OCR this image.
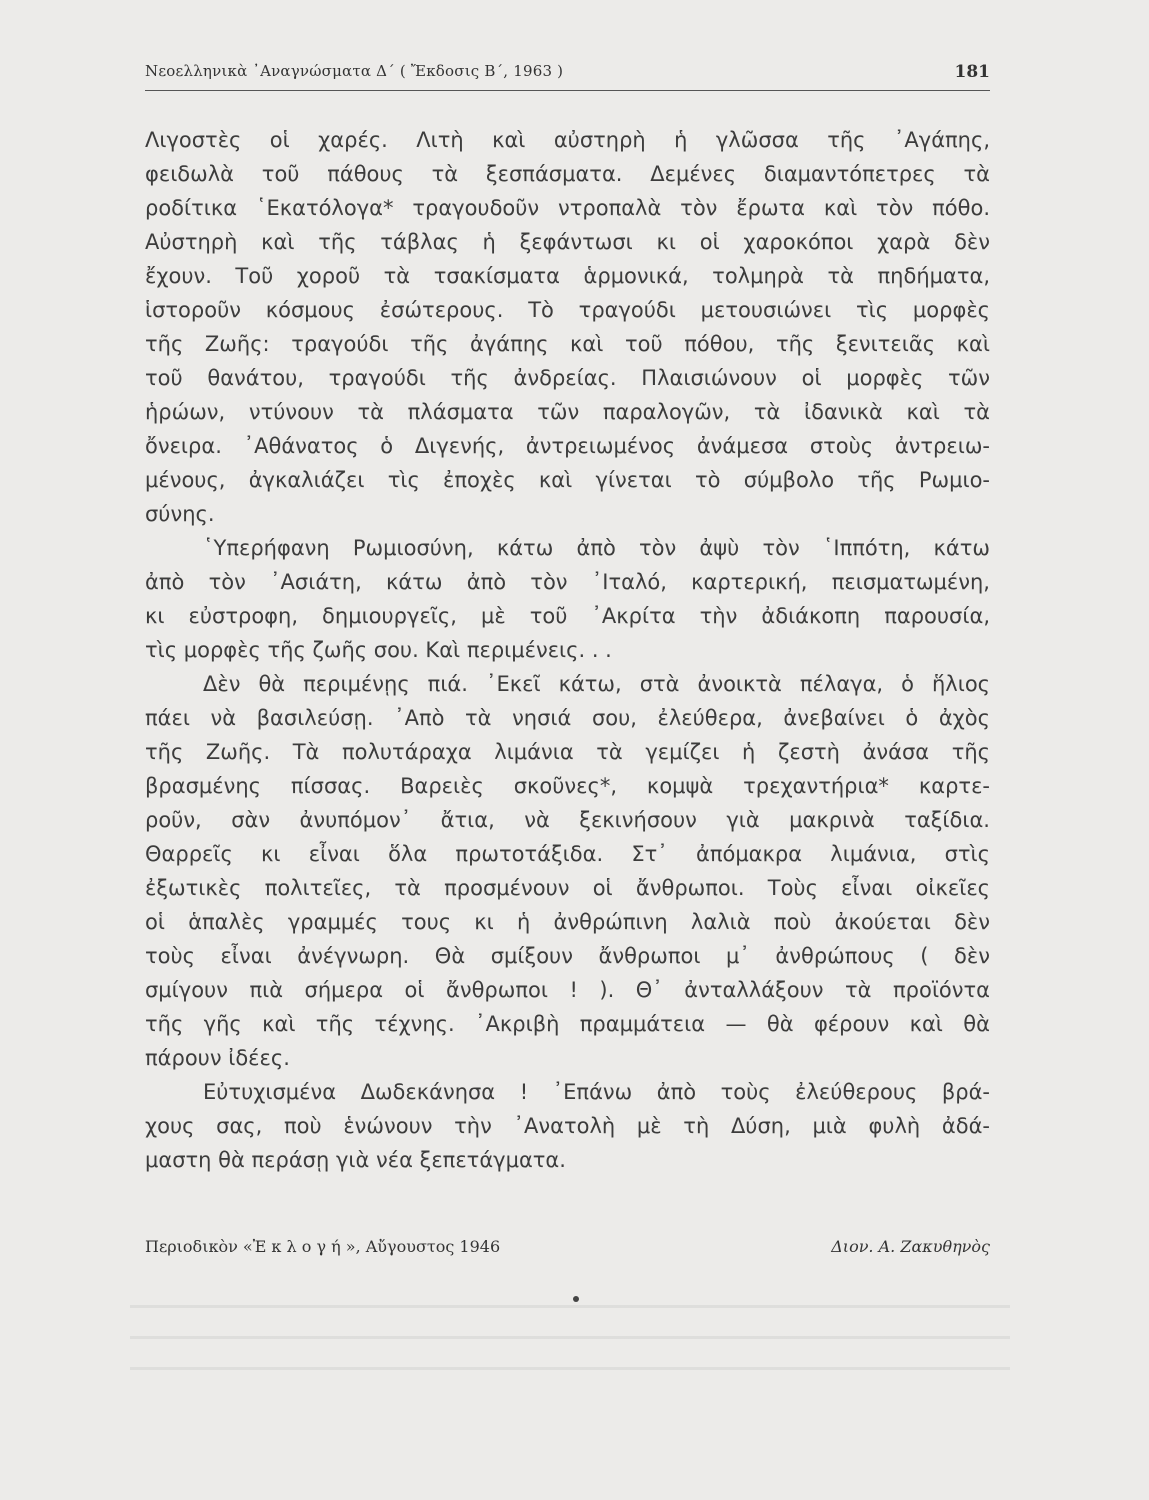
Νεοελληνικὰ ᾿Αναγνώσματα Δ΄ ( Ἔκδοσις Β΄, 1963 )	181
Λιγοστὲς οἱ χαρές. Λιτὴ καὶ αὐστηρὴ ἡ γλῶσσα τῆς ᾿Αγάπης,
φειδωλὰ τοῦ πάθους τὰ ξεσπάσματα. Δεμένες διαμαντόπετρες τὰ
ροδίτικα ῾Εκατόλογα* τραγουδοῦν ντροπαλὰ τὸν ἔρωτα καὶ τὸν πόθο.
Αὐστηρὴ καὶ τῆς τάβλας ἡ ξεφάντωσι κι οἱ χαροκόποι χαρὰ δὲν
ἔχουν. Τοῦ χοροῦ τὰ τσακίσματα ἁρμονικά, τολμηρὰ τὰ πηδήματα,
ἱστοροῦν κόσμους ἐσώτερους. Τὸ τραγούδι μετουσιώνει τὶς μορφὲς
τῆς Ζωῆς: τραγούδι τῆς ἀγάπης καὶ τοῦ πόθου, τῆς ξενιτειᾶς καὶ
τοῦ θανάτου, τραγούδι τῆς ἀνδρείας. Πλαισιώνουν οἱ μορφὲς τῶν
ἡρώων, ντύνουν τὰ πλάσματα τῶν παραλογῶν, τὰ ἰδανικὰ καὶ τὰ
ὄνειρα. ᾿Αθάνατος ὁ Διγενής, ἀντρειωμένος ἀνάμεσα στοὺς ἀντρειω-
μένους, ἀγκαλιάζει τὶς ἐποχὲς καὶ γίνεται τὸ σύμβολο τῆς Ρωμιο-
σύνης.
῾Υπερήφανη Ρωμιοσύνη, κάτω ἀπὸ τὸν ἀψὺ τὸν ῾Ιππότη, κάτω
ἀπὸ τὸν ᾿Ασιάτη, κάτω ἀπὸ τὸν ᾿Ιταλό, καρτερική, πεισματωμένη,
κι εὐστροφη, δημιουργεῖς, μὲ τοῦ ᾿Ακρίτα τὴν ἀδιάκοπη παρουσία,
τὶς μορφὲς τῆς ζωῆς σου. Καὶ περιμένεις. . .
Δὲν θὰ περιμένῃς πιά. ᾿Εκεῖ κάτω, στὰ ἀνοικτὰ πέλαγα, ὁ ἥλιος
πάει νὰ βασιλεύσῃ. ᾿Απὸ τὰ νησιά σου, ἐλεύθερα, ἀνεβαίνει ὁ ἀχὸς
τῆς Ζωῆς. Τὰ πολυτάραχα λιμάνια τὰ γεμίζει ἡ ζεστὴ ἀνάσα τῆς
βρασμένης πίσσας. Βαρειὲς σκοῦνες*, κομψὰ τρεχαντήρια* καρτε-
ροῦν, σὰν ἀνυπόμον᾿ ἄτια, νὰ ξεκινήσουν γιὰ μακρινὰ ταξίδια.
Θαρρεῖς κι εἶναι ὅλα πρωτοτάξιδα. Στ᾿ ἀπόμακρα λιμάνια, στὶς
ἐξωτικὲς πολιτεῖες, τὰ προσμένουν οἱ ἄνθρωποι. Τοὺς εἶναι οἰκεῖες
οἱ ἁπαλὲς γραμμές τους κι ἡ ἀνθρώπινη λαλιὰ ποὺ ἀκούεται δὲν
τοὺς εἶναι ἀνέγνωρη. Θὰ σμίξουν ἄνθρωποι μ᾿ ἀνθρώπους ( δὲν
σμίγουν πιὰ σήμερα οἱ ἄνθρωποι ! ). Θ᾿ ἀνταλλάξουν τὰ προϊόντα
τῆς γῆς καὶ τῆς τέχνης. ᾿Ακριβὴ πραμμάτεια — θὰ φέρουν καὶ θὰ
πάρουν ἰδέες.
Εὐτυχισμένα Δωδεκάνησα ! ᾿Επάνω ἀπὸ τοὺς ἐλεύθερους βρά-
χους σας, ποὺ ἑνώνουν τὴν ᾿Ανατολὴ μὲ τὴ Δύση, μιὰ φυλὴ ἀδά-
μαστη θὰ περάσῃ γιὰ νέα ξεπετάγματα.
Περιοδικὸν «Ἐ κ λ ο γ ή », Αὔγουστος 1946	Διον. Α. Ζακυθηνὸς
